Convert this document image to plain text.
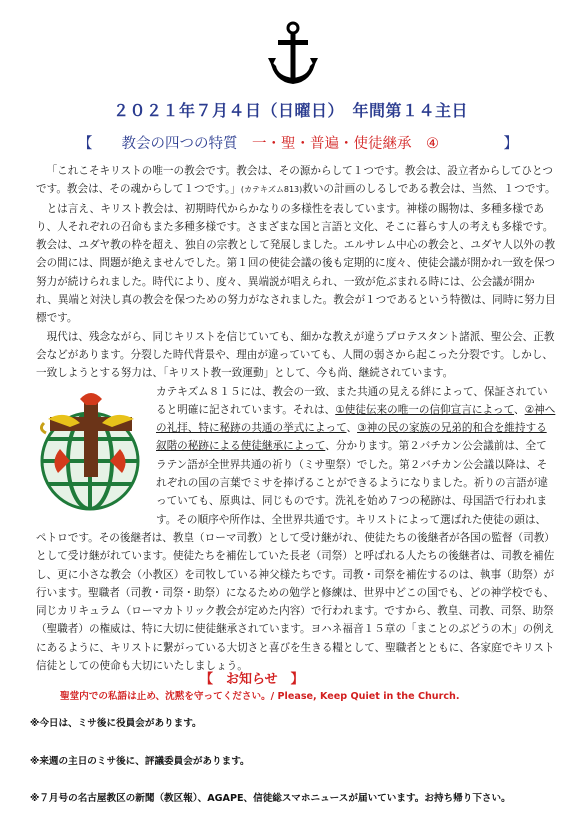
２０２１年７月４日（日曜日）　年間第１４主日
【　　教会の四つの特質　一・聖・普遍・使徒継承　④	】

「これこそキリストの唯一の教会です。教会は、その源からして１つです。教会は、設立者からしてひとつです。教会は、その魂からして１つです。」(カテキズム813)救いの計画のしるしである教会は、当然、１つです。

とは言え、キリスト教会は、初期時代からかなりの多様性を表しています。神様の賜物は、多種多様であり、人それぞれの召命もまた多種多様です。さまざまな国と言語と文化、そこに暮らす人の考えも多様です。教会は、ユダヤ教の枠を超え、独自の宗教として発展しました。エルサレム中心の教会と、ユダヤ人以外の教会の間には、問題が絶えませんでした。第１回の使徒会議の後も定期的に度々、使徒会議が開かれ一致を保つ努力が続けられました。時代により、度々、異端説が唱えられ、一致が危ぶまれる時には、公会議が開かれ、異端と対決し真の教会を保つための努力がなされました。教会が１つであるという特徴は、同時に努力目標です。

現代は、残念ながら、同じキリストを信じていても、細かな教えが違うプロテスタント諸派、聖公会、正教会などがあります。分裂した時代背景や、理由が違っていても、人間の弱さから起こった分裂です。しかし、一致しようとする努力は、「キリスト教一致運動」として、今も尚、継続されています。

カテキズム８１５には、教会の一致、また共通の見える絆によって、保証されていると明確に記されています。それは、①使徒伝来の唯一の信仰宣言によって、②神への礼拝、特に秘跡の共通の挙式によって、③神の民の家族の兄弟的和合を維持する叙階の秘跡による使徒継承によって、分かります。第２バチカン公会議前は、全てラテン語が全世界共通の祈り（ミサ聖祭）でした。第２バチカン公会議以降は、それぞれの国の言葉でミサを捧げることができるようになりました。祈りの言語が違っていても、原典は、同じものです。洗礼を始め７つの秘跡は、母国語で行われます。その順序や所作は、全世界共通です。キリストによって選ばれた使徒の頭は、ペトロです。その後継者は、教皇（ローマ司教）として受け継がれ、使徒たちの後継者が各国の監督（司教）として受け継がれています。使徒たちを補佐していた長老（司祭）と呼ばれる人たちの後継者は、司教を補佐し、更に小さな教会（小教区）を司牧している神父様たちです。司教・司祭を補佐するのは、執事（助祭）が行います。聖職者（司教・司祭・助祭）になるための勉学と修練は、世界中どこの国でも、どの神学校でも、同じカリキュラム（ローマカトリック教会が定めた内容）で行われます。ですから、教皇、司教、司祭、助祭（聖職者）の権威は、特に大切に使徒継承されています。ヨハネ福音１５章の「まことのぶどうの木」の例えにあるように、キリストに繋がっている大切さと喜びを生きる糧として、聖職者とともに、各家庭でキリスト信徒としての使命も大切にいたしましょう。

【　お知らせ　】
聖堂内での私語は止め、沈黙を守ってください。/ Please, Keep Quiet in the Church.
※今日は、ミサ後に役員会があります。
※来週の主日のミサ後に、評議委員会があります。
※７月号の名古屋教区の新聞（教区報）、AGAPE、信徒総スマホニュースが届いています。お持ち帰り下さい。
